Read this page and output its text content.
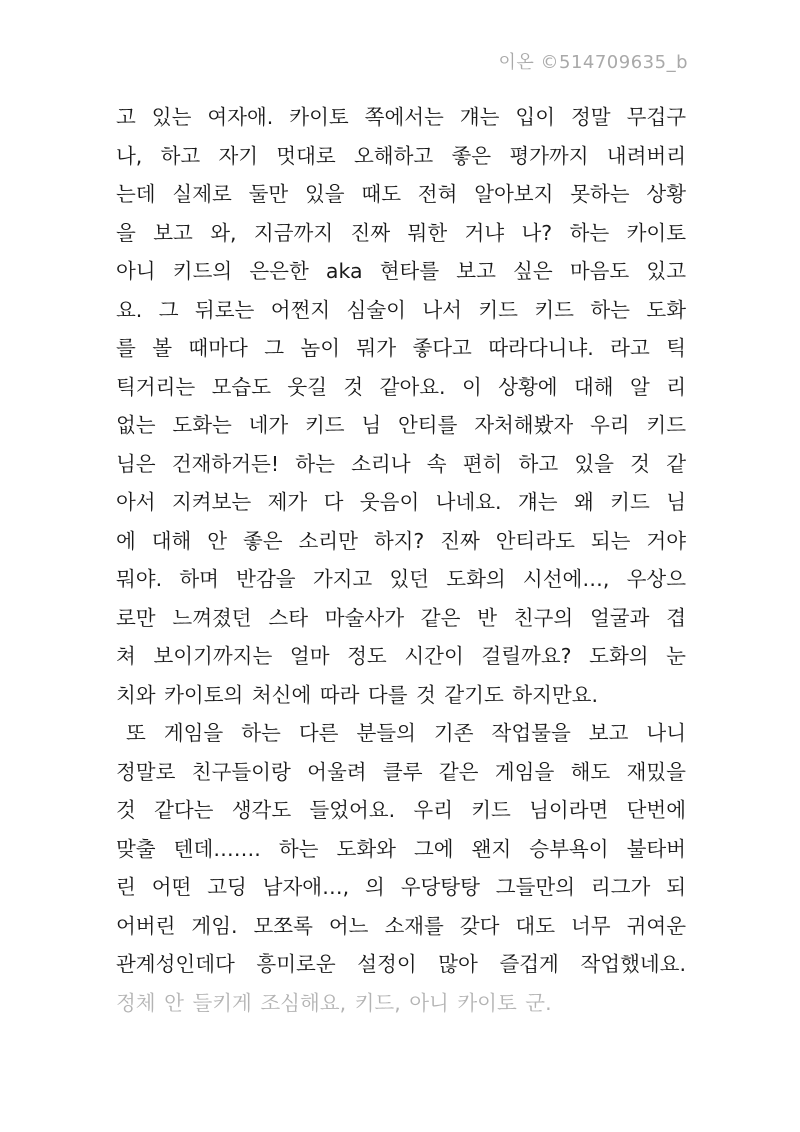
이온 ©514709635_b
고 있는 여자애. 카이토 쪽에서는 걔는 입이 정말 무겁구
나, 하고 자기 멋대로 오해하고 좋은 평가까지 내려버리
는데 실제로 둘만 있을 때도 전혀 알아보지 못하는 상황
을 보고 와, 지금까지 진짜 뭐한 거냐 나? 하는 카이토
아니 키드의 은은한 aka 현타를 보고 싶은 마음도 있고
요. 그 뒤로는 어쩐지 심술이 나서 키드 키드 하는 도화
를 볼 때마다 그 놈이 뭐가 좋다고 따라다니냐. 라고 틱
틱거리는 모습도 웃길 것 같아요. 이 상황에 대해 알 리
없는 도화는 네가 키드 님 안티를 자처해봤자 우리 키드
님은 건재하거든! 하는 소리나 속 편히 하고 있을 것 같
아서 지켜보는 제가 다 웃음이 나네요. 걔는 왜 키드 님
에 대해 안 좋은 소리만 하지? 진짜 안티라도 되는 거야
뭐야. 하며 반감을 가지고 있던 도화의 시선에…, 우상으
로만 느껴졌던 스타 마술사가 같은 반 친구의 얼굴과 겹
쳐 보이기까지는 얼마 정도 시간이 걸릴까요? 도화의 눈
치와 카이토의 처신에 따라 다를 것 같기도 하지만요.
또 게임을 하는 다른 분들의 기존 작업물을 보고 나니
정말로 친구들이랑 어울려 클루 같은 게임을 해도 재밌을
것 같다는 생각도 들었어요. 우리 키드 님이라면 단번에
맞출 텐데……. 하는 도화와 그에 왠지 승부욕이 불타버
린 어떤 고딩 남자애…, 의 우당탕탕 그들만의 리그가 되
어버린 게임. 모쪼록 어느 소재를 갖다 대도 너무 귀여운
관계성인데다 흥미로운 설정이 많아 즐겁게 작업했네요.
정체 안 들키게 조심해요, 키드, 아니 카이토 군.
